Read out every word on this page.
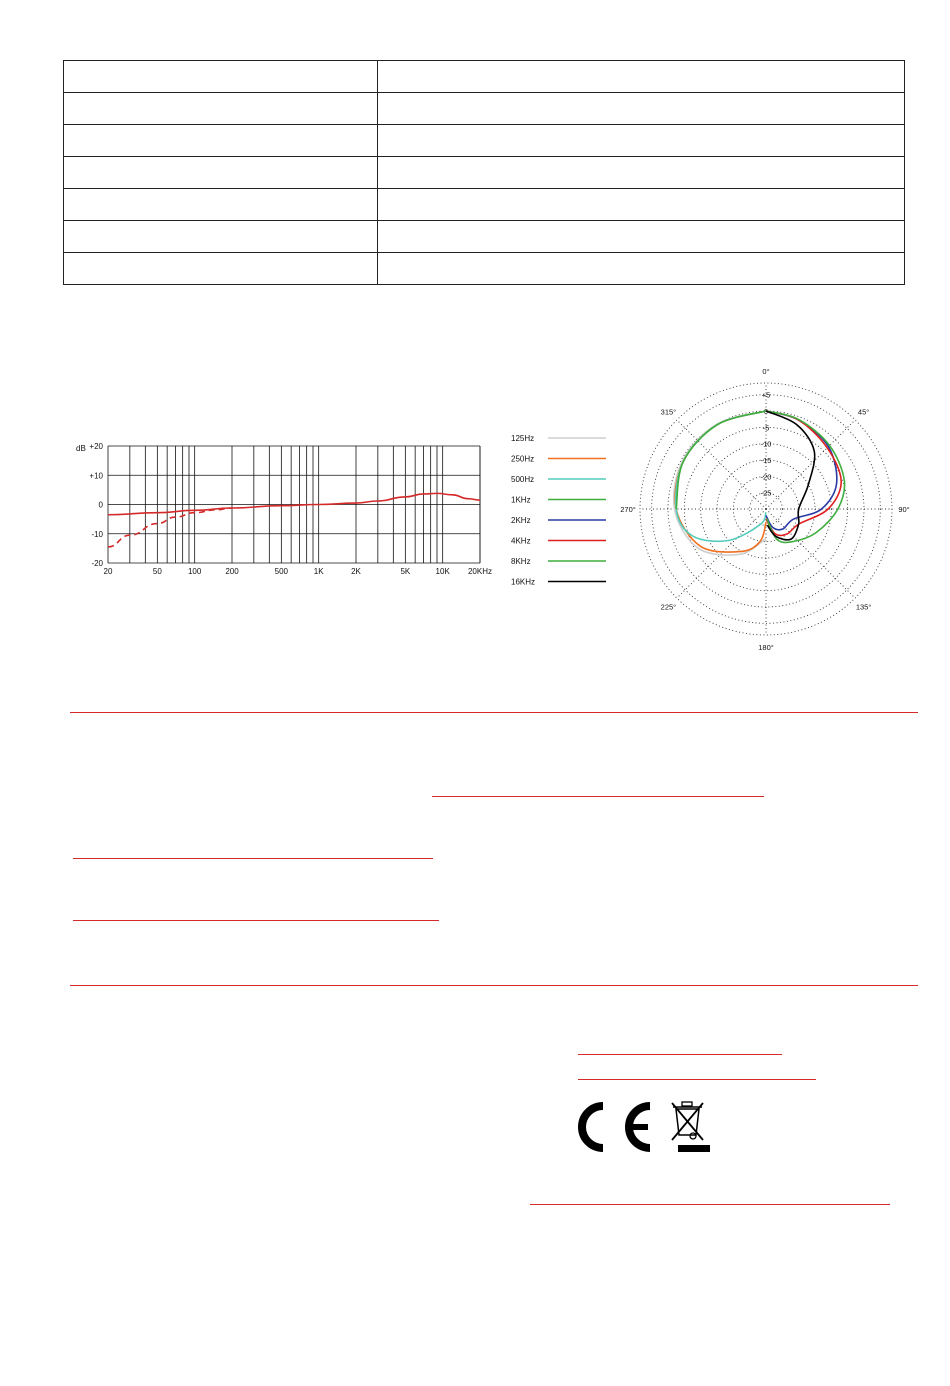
dB +20
+10
0
-10
-20
20	50	100	200	500	1K	2K	5K	10K 20KHz
125Hz
250Hz
500Hz
1KHz
2KHz
4KHz
8KHz
16KHz
0°
45°
90°
135°
180°
225°
270°
315°
+5
0
-5
-10
-15
-20
-25
